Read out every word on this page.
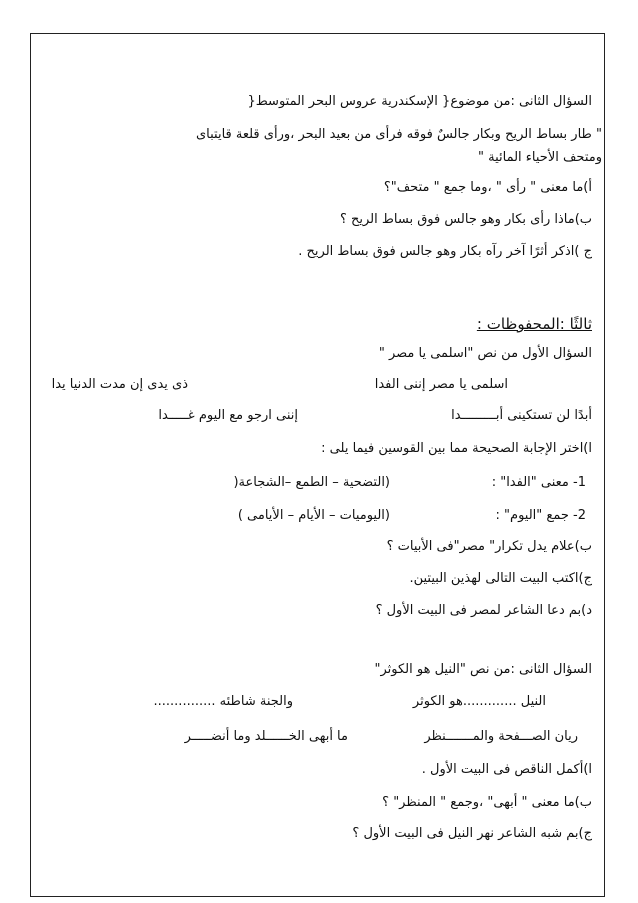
السؤال الثانى :من موضوع{ الإسكندرية عروس البحر المتوسط{
" طار بساط الريح وبكار جالسٌ فوقه فرأى من بعيد البحر ،ورأى قلعة قايتباى
ومتحف الأحياء المائية "
أ)ما معنى " رأى " ،وما جمع " متحف"؟
ب)ماذا رأى بكار وهو جالس فوق بساط الريح ؟
ج )اذكر أثرًا آخر رآه بكار وهو جالس فوق بساط الريح .
ثالثًا :المحفوظات :
السؤال الأول من نص "اسلمى يا مصر "
اسلمى يا مصر إننى الفدا
ذى يدى إن مدت الدنيا يدا
أبدًا لن تستكينى أبـــــــــدا
إننى ارجو مع اليوم غـــــدا
ا)اختر الإجابة الصحيحة مما بين القوسين فيما يلى :
1- معنى "الفدا" :
(التضحية – الطمع –الشجاعة(
2- جمع "اليوم" :
(اليوميات – الأيام – الأيامى )
ب)علام يدل تكرار" مصر"فى الأبيات ؟
ج)اكتب البيت التالى لهذين البيتين.
د)بم دعا الشاعر لمصر فى البيت الأول ؟
السؤال الثانى :من نص "النيل هو الكوثر"
النيل .............هو الكوثر
والجنة شاطئه ...............
ريان الصـــفحة والمـــــــنظر
ما أبهى الخــــــلد وما أنضـــــر
ا)أكمل الناقص فى البيت الأول .
ب)ما معنى " أبهى" ،وجمع " المنظر" ؟
ج)بم شبه الشاعر نهر النيل فى البيت الأول ؟
